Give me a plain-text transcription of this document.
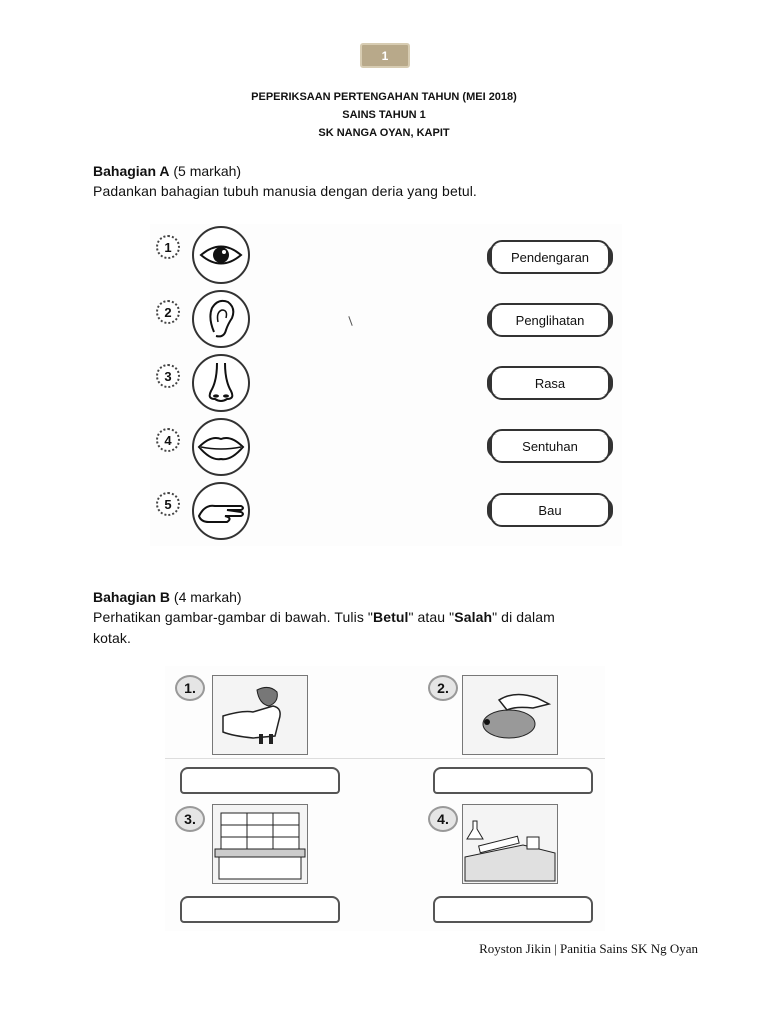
1
PEPERIKSAAN PERTENGAHAN TAHUN (MEI 2018)
SAINS TAHUN 1
SK NANGA OYAN, KAPIT
Bahagian A (5 markah)
Padankan bahagian tubuh manusia dengan deria yang betul.
1
2
3
4
5
Pendengaran
Penglihatan
Rasa
Sentuhan
Bau
Bahagian B (4 markah)
Perhatikan gambar-gambar di bawah. Tulis "Betul" atau "Salah" di dalam
kotak.
1.	2.
3.	4.
Royston Jikin | Panitia Sains SK Ng Oyan
